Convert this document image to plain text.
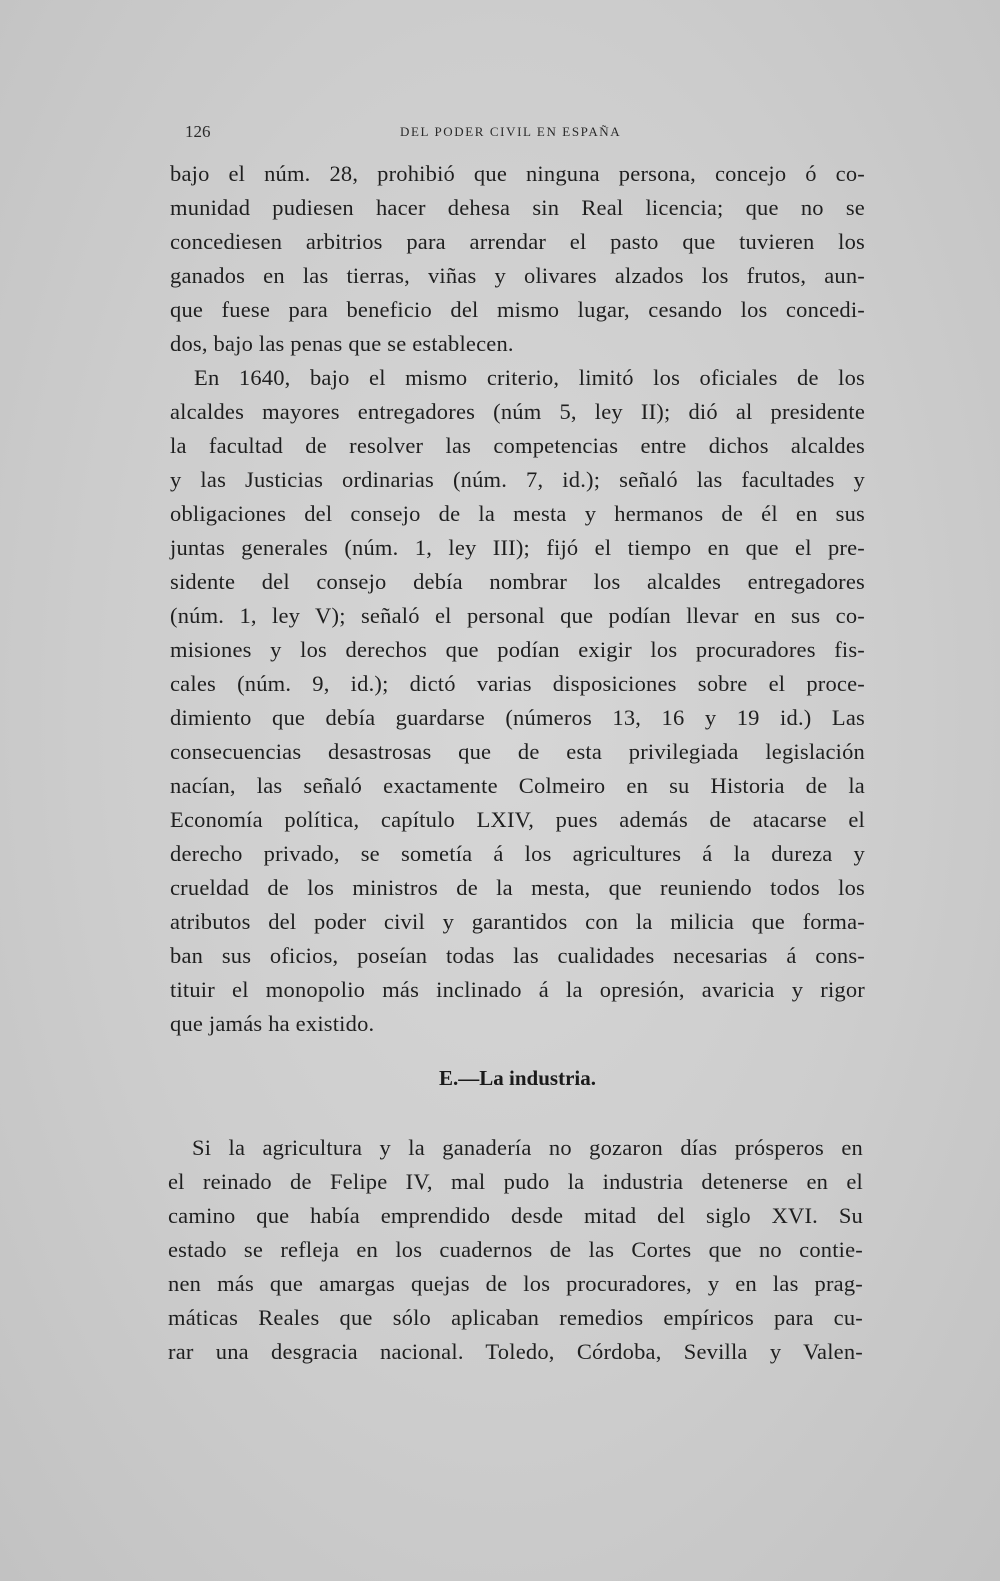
126	DEL PODER CIVIL EN ESPAÑA
bajo el núm. 28, prohibió que ninguna persona, concejo ó co-
munidad pudiesen hacer dehesa sin Real licencia; que no se
concediesen arbitrios para arrendar el pasto que tuvieren los
ganados en las tierras, viñas y olivares alzados los frutos, aun-
que fuese para beneficio del mismo lugar, cesando los concedi-
dos, bajo las penas que se establecen.
En 1640, bajo el mismo criterio, limitó los oficiales de los
alcaldes mayores entregadores (núm 5, ley II); dió al presidente
la facultad de resolver las competencias entre dichos alcaldes
y las Justicias ordinarias (núm. 7, id.); señaló las facultades y
obligaciones del consejo de la mesta y hermanos de él en sus
juntas generales (núm. 1, ley III); fijó el tiempo en que el pre-
sidente del consejo debía nombrar los alcaldes entregadores
(núm. 1, ley V); señaló el personal que podían llevar en sus co-
misiones y los derechos que podían exigir los procuradores fis-
cales (núm. 9, id.); dictó varias disposiciones sobre el proce-
dimiento que debía guardarse (números 13, 16 y 19 id.) Las
consecuencias desastrosas que de esta privilegiada legislación
nacían, las señaló exactamente Colmeiro en su Historia de la
Economía política, capítulo LXIV, pues además de atacarse el
derecho privado, se sometía á los agricultures á la dureza y
crueldad de los ministros de la mesta, que reuniendo todos los
atributos del poder civil y garantidos con la milicia que forma-
ban sus oficios, poseían todas las cualidades necesarias á cons-
tituir el monopolio más inclinado á la opresión, avaricia y rigor
que jamás ha existido.
E.—La industria.
Si la agricultura y la ganadería no gozaron días prósperos en
el reinado de Felipe IV, mal pudo la industria detenerse en el
camino que había emprendido desde mitad del siglo XVI. Su
estado se refleja en los cuadernos de las Cortes que no contie-
nen más que amargas quejas de los procuradores, y en las prag-
máticas Reales que sólo aplicaban remedios empíricos para cu-
rar una desgracia nacional. Toledo, Córdoba, Sevilla y Valen-
